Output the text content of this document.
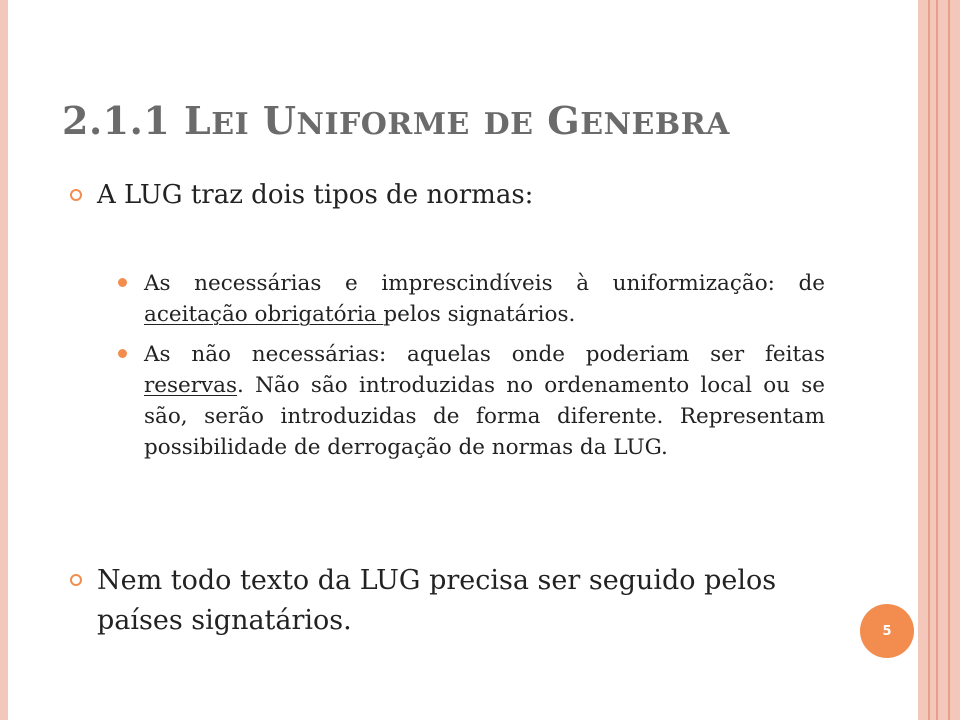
2.1.1 LEI UNIFORME DE GENEBRA
A LUG traz dois tipos de normas:
As necessárias e imprescindíveis à uniformização: de aceitação obrigatória pelos signatários.
As não necessárias: aquelas onde poderiam ser feitas reservas. Não são introduzidas no ordenamento local ou se são, serão introduzidas de forma diferente. Representam possibilidade de derrogação de normas da LUG.
Nem todo texto da LUG precisa ser seguido pelos países signatários.	5
